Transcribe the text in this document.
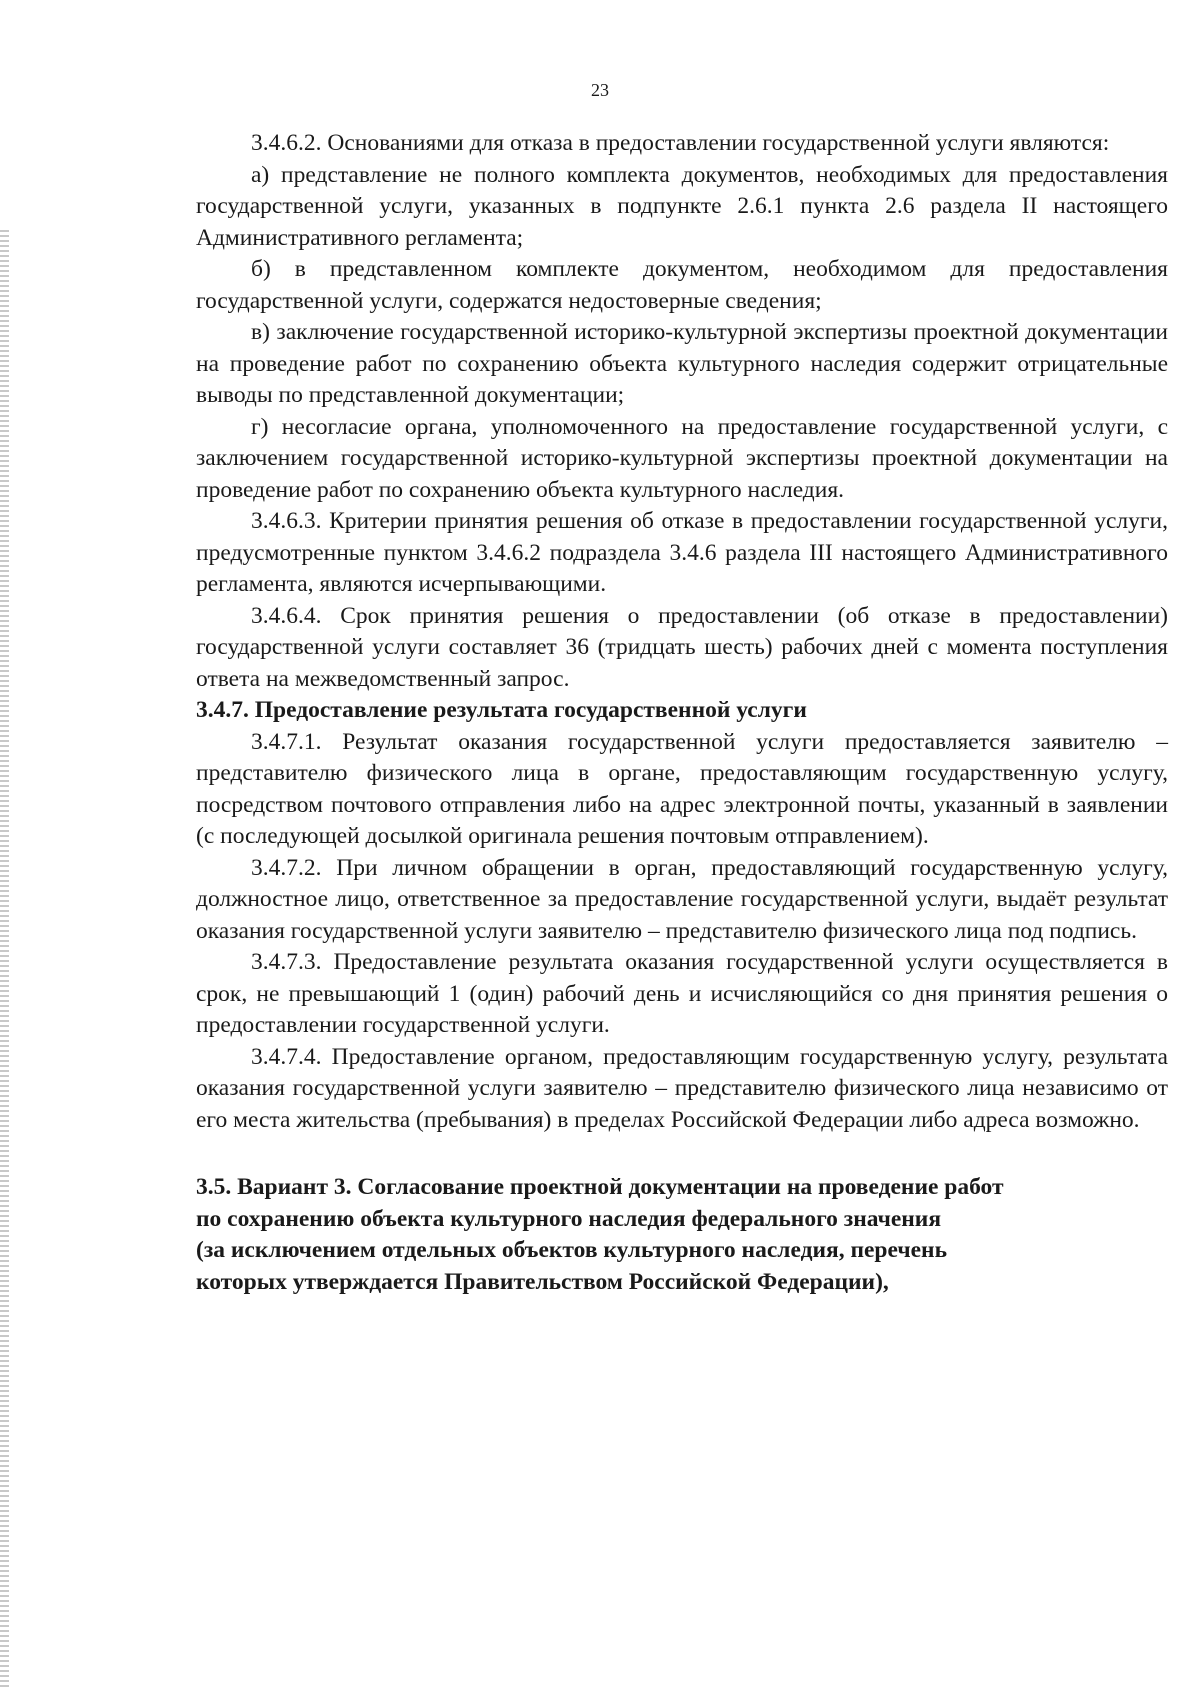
23

3.4.6.2. Основаниями для отказа в предоставлении государственной услуги являются:

а) представление не полного комплекта документов, необходимых для предоставления государственной услуги, указанных в подпункте 2.6.1 пункта 2.6 раздела II настоящего Административного регламента;

б) в представленном комплекте документом, необходимом для предоставления государственной услуги, содержатся недостоверные сведения;

в) заключение государственной историко-культурной экспертизы проектной документации на проведение работ по сохранению объекта культурного наследия содержит отрицательные выводы по представленной документации;

г) несогласие органа, уполномоченного на предоставление государственной услуги, с заключением государственной историко-культурной экспертизы проектной документации на проведение работ по сохранению объекта культурного наследия.

3.4.6.3. Критерии принятия решения об отказе в предоставлении государственной услуги, предусмотренные пунктом 3.4.6.2 подраздела 3.4.6 раздела III настоящего Административного регламента, являются исчерпывающими.

3.4.6.4. Срок принятия решения о предоставлении (об отказе в предоставлении) государственной услуги составляет 36 (тридцать шесть) рабочих дней с момента поступления ответа на межведомственный запрос.

3.4.7. Предоставление результата государственной услуги

3.4.7.1. Результат оказания государственной услуги предоставляется заявителю – представителю физического лица в органе, предоставляющим государственную услугу, посредством почтового отправления либо на адрес электронной почты, указанный в заявлении (с последующей досылкой оригинала решения почтовым отправлением).

3.4.7.2. При личном обращении в орган, предоставляющий государственную услугу, должностное лицо, ответственное за предоставление государственной услуги, выдаёт результат оказания государственной услуги заявителю – представителю физического лица под подпись.

3.4.7.3. Предоставление результата оказания государственной услуги осуществляется в срок, не превышающий 1 (один) рабочий день и исчисляющийся со дня принятия решения о предоставлении государственной услуги.

3.4.7.4. Предоставление органом, предоставляющим государственную услугу, результата оказания государственной услуги заявителю – представителю физического лица независимо от его места жительства (пребывания) в пределах Российской Федерации либо адреса возможно.

3.5. Вариант 3. Согласование проектной документации на проведение работ

по сохранению объекта культурного наследия федерального значения

(за исключением отдельных объектов культурного наследия, перечень

которых утверждается Правительством Российской Федерации),
